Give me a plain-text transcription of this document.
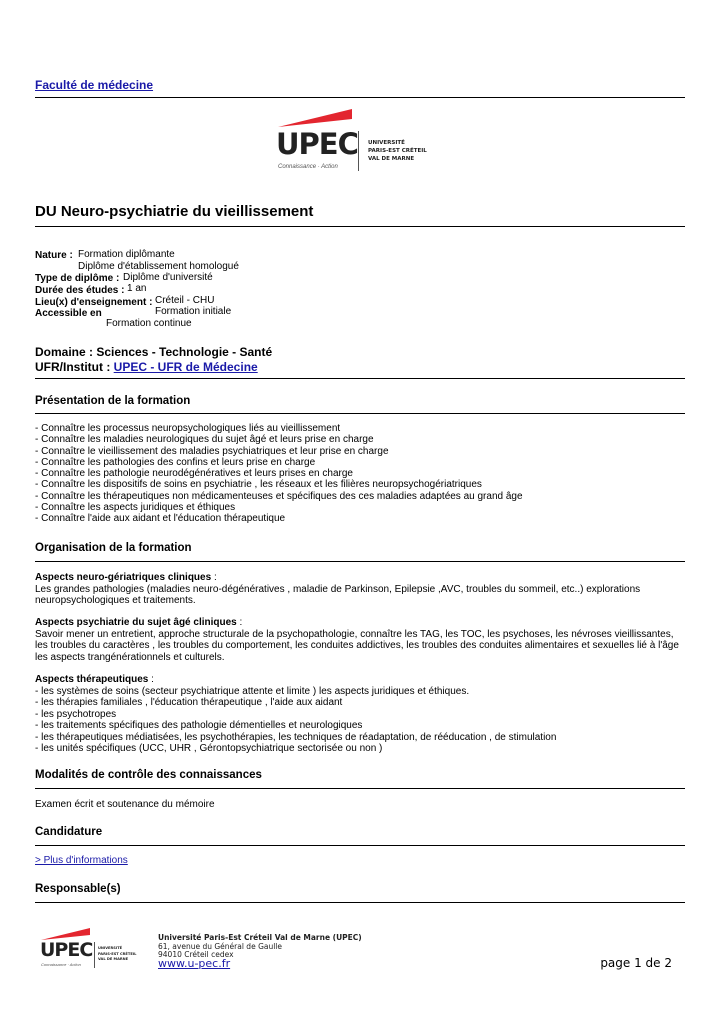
Faculté de médecine
UPEC
Connaissance · Action
UNIVERSITÉ
PARIS-EST CRÉTEIL
VAL DE MARNE
DU Neuro-psychiatrie du vieillissement
Nature : Formation diplômante
Diplôme d'établissement homologué
Type de diplôme : Diplôme d'université
Durée des études : 1 an
Lieu(x) d'enseignement : Créteil - CHU
Accessible en	Formation initiale
Formation continue
Domaine : Sciences - Technologie - Santé
UFR/Institut : UPEC - UFR de Médecine
Présentation de la formation
- Connaître les processus neuropsychologiques liés au vieillissement
- Connaître les maladies neurologiques du sujet âgé et leurs prise en charge
- Connaître le vieillissement des maladies psychiatriques et leur prise en charge
- Connaître les pathologies des confins et leurs prise en charge
- Connaître les pathologie neurodégénératives et leurs prises en charge
- Connaître les dispositifs de soins en psychiatrie , les réseaux et les filières neuropsychogériatriques
- Connaître les thérapeutiques non médicamenteuses et spécifiques des ces maladies adaptées au grand âge
- Connaître les aspects juridiques et éthiques
- Connaître l'aide aux aidant et l'éducation thérapeutique
Organisation de la formation
Aspects neuro-gériatriques cliniques :
Les grandes pathologies (maladies neuro-dégénératives , maladie de Parkinson, Epilepsie ,AVC, troubles du sommeil, etc..) explorations neuropsychologiques et traitements.
Aspects psychiatrie du sujet âgé cliniques :
Savoir mener un entretient, approche structurale de la psychopathologie, connaître les TAG, les TOC, les psychoses, les névroses vieillissantes, les troubles du caractères , les troubles du comportement, les conduites addictives, les troubles des conduites alimentaires et sexuelles lié à l'âge les aspects trangénérationnels et culturels.
Aspects thérapeutiques :
- les systèmes de soins (secteur psychiatrique attente et limite ) les aspects juridiques et éthiques.
- les thérapies familiales , l'éducation thérapeutique , l'aide aux aidant
- les psychotropes
- les traitements spécifiques des pathologie démentielles et neurologiques
- les thérapeutiques médiatisées, les psychothérapies, les techniques de réadaptation, de rééducation , de stimulation
- les unités spécifiques (UCC, UHR , Gérontopsychiatrique sectorisée ou non )
Modalités de contrôle des connaissances
Examen écrit et soutenance du mémoire
Candidature
> Plus d'informations
Responsable(s)
UPEC
Connaissance · Action
UNIVERSITÉ
PARIS-EST CRÉTEIL
VAL DE MARNE
Université Paris-Est Créteil Val de Marne (UPEC)
61, avenue du Général de Gaulle
94010 Créteil cedex
www.u-pec.fr	page 1 de 2
